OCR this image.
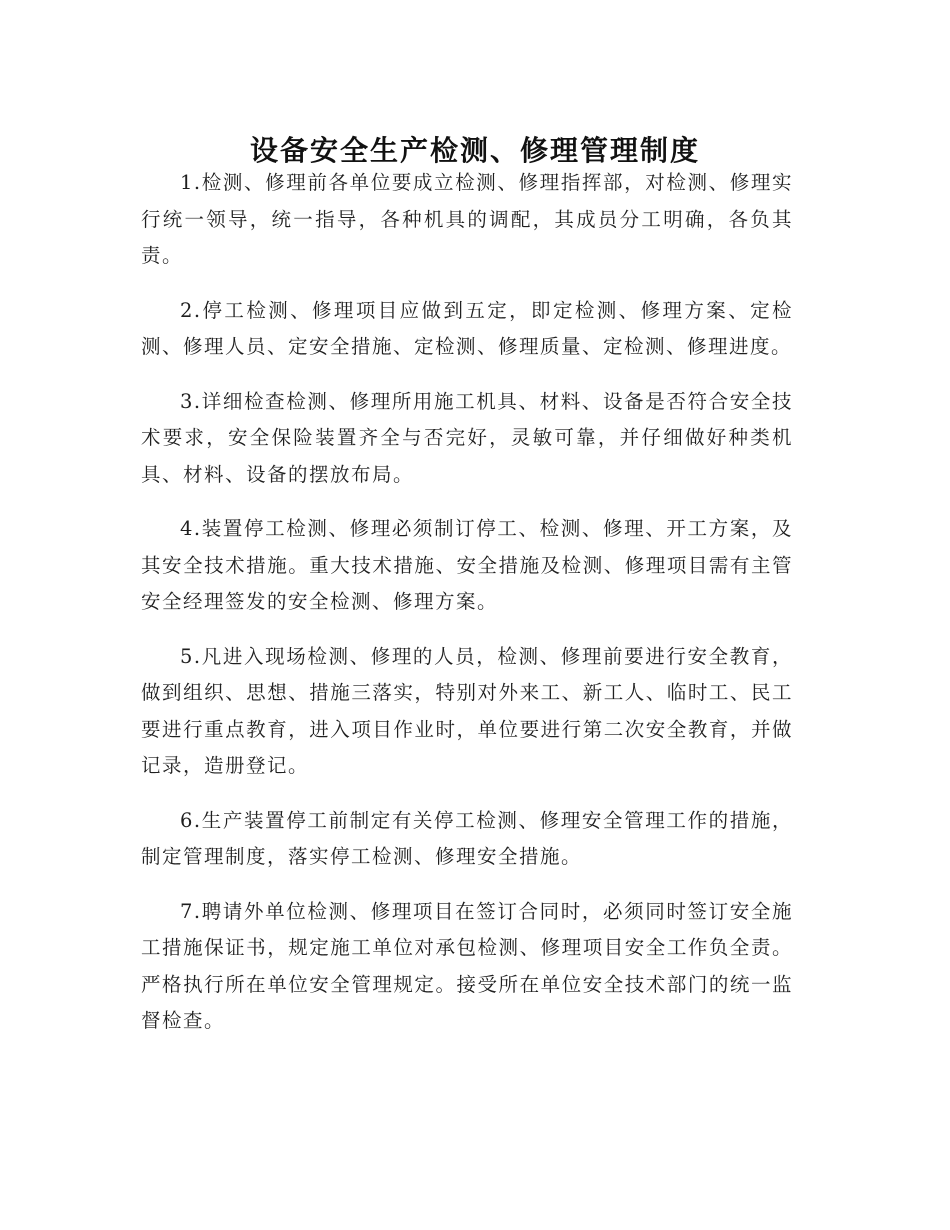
设备安全生产检测、修理管理制度

1.检测、修理前各单位要成立检测、修理指挥部，对检测、修理实行统一领导，统一指导，各种机具的调配，其成员分工明确，各负其责。

2.停工检测、修理项目应做到五定，即定检测、修理方案、定检测、修理人员、定安全措施、定检测、修理质量、定检测、修理进度。

3.详细检查检测、修理所用施工机具、材料、设备是否符合安全技术要求，安全保险装置齐全与否完好，灵敏可靠，并仔细做好种类机具、材料、设备的摆放布局。

4.装置停工检测、修理必须制订停工、检测、修理、开工方案，及其安全技术措施。重大技术措施、安全措施及检测、修理项目需有主管安全经理签发的安全检测、修理方案。

5.凡进入现场检测、修理的人员，检测、修理前要进行安全教育，做到组织、思想、措施三落实，特别对外来工、新工人、临时工、民工要进行重点教育，进入项目作业时，单位要进行第二次安全教育，并做记录，造册登记。

6.生产装置停工前制定有关停工检测、修理安全管理工作的措施，制定管理制度，落实停工检测、修理安全措施。

7.聘请外单位检测、修理项目在签订合同时，必须同时签订安全施工措施保证书，规定施工单位对承包检测、修理项目安全工作负全责。严格执行所在单位安全管理规定。接受所在单位安全技术部门的统一监督检查。
